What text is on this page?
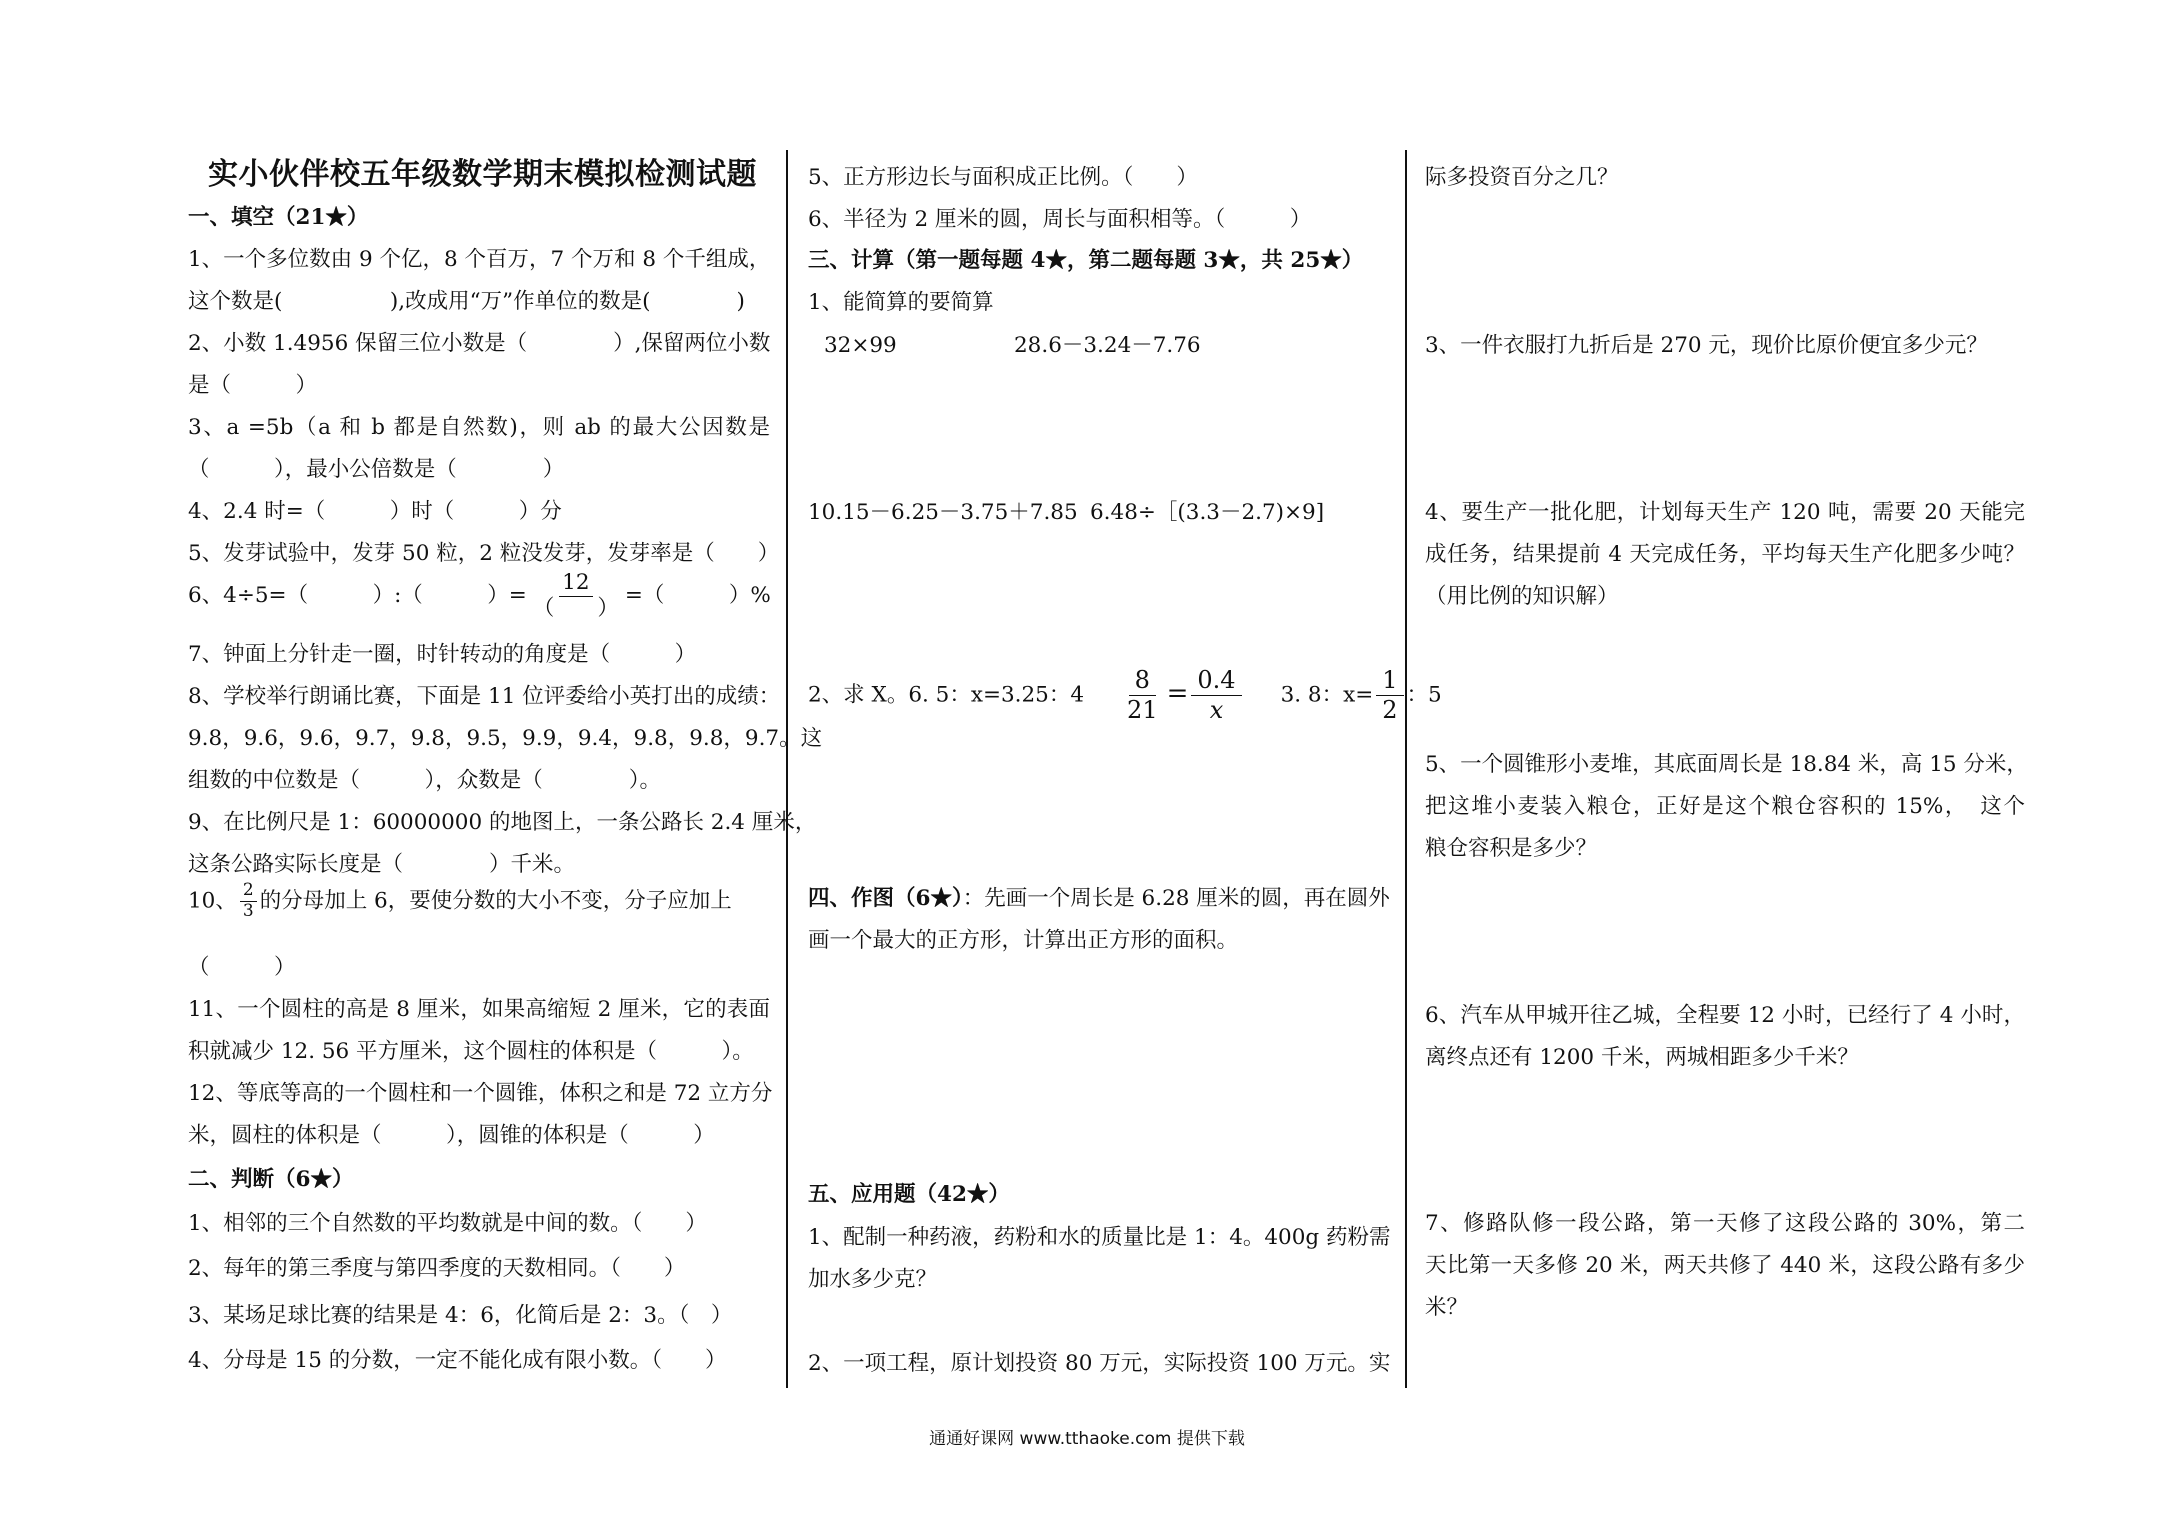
实小伙伴校五年级数学期末模拟检测试题
一、填空（21★）
1、一个多位数由 9 个亿，8 个百万，7 个万和 8 个千组成，
这个数是(　　　　　),改成用“万”作单位的数是(　　　　)
2、小数 1.4956 保留三位小数是（　　　　）,保留两位小数
是（　　　）
3、a =5b（a 和 b 都是自然数)，则 ab 的最大公因数是
（　　　），最小公倍数是（　　　　）
4、2.4 时=（　　　）时（　　　）分
5、发芽试验中，发芽 50 粒，2 粒没发芽，发芽率是（　　）
6、4÷5=（　　　）:（　　　）= $\frac{12}{( )}$ =（　　　）%
7、钟面上分针走一圈，时针转动的角度是（　　　）
8、学校举行朗诵比赛，下面是 11 位评委给小英打出的成绩：
9.8，9.6，9.6，9.7，9.8，9.5，9.9，9.4，9.8，9.8，9.7。这
组数的中位数是（　　　），众数是（　　　　）。
9、在比例尺是 1：60000000 的地图上，一条公路长 2.4 厘米，
这条公路实际长度是（　　　　）千米。
10、 $\frac{2}{3}$ 的分母加上 6，要使分数的大小不变，分子应加上
（　　　）
11、一个圆柱的高是 8 厘米，如果高缩短 2 厘米，它的表面
积就减少 12. 56 平方厘米，这个圆柱的体积是（　　　）。
12、等底等高的一个圆柱和一个圆锥，体积之和是 72 立方分
米，圆柱的体积是（　　　），圆锥的体积是（　　　）
二、判断（6★）
1、相邻的三个自然数的平均数就是中间的数。（　　）
2、每年的第三季度与第四季度的天数相同。（　　）
3、某场足球比赛的结果是 4：6，化简后是 2：3。（　）
4、分母是 15 的分数，一定不能化成有限小数。（　　）
5、正方形边长与面积成正比例。（　　）
6、半径为 2 厘米的圆，周长与面积相等。（　　　）
三、计算（第一题每题 4★，第二题每题 3★，共 25★）
1、能简算的要简算
32×99	28.6－3.24－7.76
10.15－6.25－3.75＋7.85 6.48÷［(3.3－2.7)×9]
2、求 X。6. 5：x=3.25：$4 \frac{8}{21} = \frac{0.4}{x} 3$. 8：$x= \frac{1}{2}$ ：5
四、作图（6★）：先画一个周长是 6.28 厘米的圆，再在圆外
画一个最大的正方形，计算出正方形的面积。
五、应用题（42★）
1、配制一种药液，药粉和水的质量比是 1：4。400g 药粉需
加水多少克？
2、一项工程，原计划投资 80 万元，实际投资 100 万元。实
际多投资百分之几？
3、一件衣服打九折后是 270 元，现价比原价便宜多少元？
4、要生产一批化肥，计划每天生产 120 吨，需要 20 天能完
成任务，结果提前 4 天完成任务，平均每天生产化肥多少吨？
（用比例的知识解）
5、一个圆锥形小麦堆，其底面周长是 18.84 米，高 15 分米，
把这堆小麦装入粮仓，正好是这个粮仓容积的 15%，　这个
粮仓容积是多少？
6、汽车从甲城开往乙城，全程要 12 小时，已经行了 4 小时，
离终点还有 1200 千米，两城相距多少千米？
7、修路队修一段公路，第一天修了这段公路的 30%，第二
天比第一天多修 20 米，两天共修了 440 米，这段公路有多少
米？
通通好课网 www.tthaoke.com 提供下载
